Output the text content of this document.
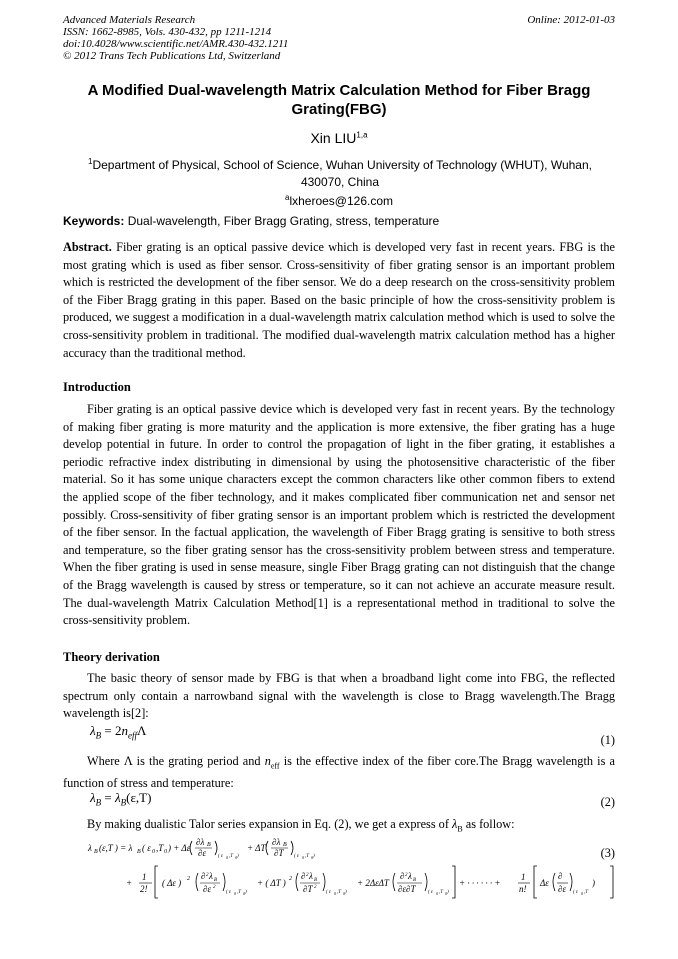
Advanced Materials Research
ISSN: 1662-8985, Vols. 430-432, pp 1211-1214
doi:10.4028/www.scientific.net/AMR.430-432.1211
© 2012 Trans Tech Publications Ltd, Switzerland
Online: 2012-01-03
A Modified Dual-wavelength Matrix Calculation Method for Fiber Bragg Grating(FBG)
Xin LIU$^{1,a}$
$^1$Department of Physical, School of Science, Wuhan University of Technology (WHUT), Wuhan, 430070, China
$^a$lxheroes@126.com
Keywords: Dual-wavelength, Fiber Bragg Grating, stress, temperature
Abstract. Fiber grating is an optical passive device which is developed very fast in recent years. FBG is the most grating which is used as fiber sensor. Cross-sensitivity of fiber grating sensor is an important problem which is restricted the development of the fiber sensor. We do a deep research on the cross-sensitivity problem of the Fiber Bragg grating in this paper. Based on the basic principle of how the cross-sensitivity problem is produced, we suggest a modification in a dual-wavelength matrix calculation method which is used to solve the cross-sensitivity problem in traditional. The modified dual-wavelength matrix calculation method has a higher accuracy than the traditional method.
Introduction
Fiber grating is an optical passive device which is developed very fast in recent years. By the technology of making fiber grating is more maturity and the application is more extensive, the fiber grating has a huge develop potential in future. In order to control the propagation of light in the fiber grating, it establishes a periodic refractive index distributing in dimensional by using the photosensitive characteristic of the fiber material. So it has some unique characters except the common characters like other common fibers to extend the applied scope of the fiber technology, and it makes complicated fiber communication net and sensor net possibly. Cross-sensitivity of fiber grating sensor is an important problem which is restricted the development of the fiber sensor. In the factual application, the wavelength of Fiber Bragg grating is sensitive to both stress and temperature, so the fiber grating sensor has the cross-sensitivity problem between stress and temperature. When the fiber grating is used in sense measure, single Fiber Bragg grating can not distinguish that the change of the Bragg wavelength is caused by stress or temperature, so it can not achieve an accurate measure result. The dual-wavelength Matrix Calculation Method[1] is a representational method in traditional to solve the cross-sensitivity problem.
Theory derivation
The basic theory of sensor made by FBG is that when a broadband light come into FBG, the reflected spectrum only contain a narrowband signal with the wavelength is close to Bragg wavelength.The Bragg wavelength is[2]:
$\lambda_B = 2n_{eff}\Lambda$
(1)
Where Λ is the grating period and $n_{eff}$ is the effective index of the fiber core.The Bragg wavelength is a function of stress and temperature:
$\lambda_B = \lambda_B(\varepsilon,T)$	(2)
By making dualistic Talor series expansion in Eq. (2), we get a express of $\lambda_B$ as follow:
λ B (ε,T ) = λ B ( ε 0 ,T 0 ) + Δε
∂λ B
∂ε ( ε 0 ,T 0 )
+ ΔT
∂λ B
∂T ( ε 0 ,T 0 )
+
1
2!
( Δε ) 2 ∂ 2 λ B
∂ε 2
( ε 0 ,T 0 )
+ ( ΔT ) 2 ∂ 2 λ B
∂T 2
( ε 0 ,T 0 )
+ 2ΔεΔT
∂ 2 λ B
∂ε∂T	( ε 0 ,T 0 )
+ · · · · · · +
1
n!
Δε
∂
∂ε ( ε 0 ,T
)
(3)
